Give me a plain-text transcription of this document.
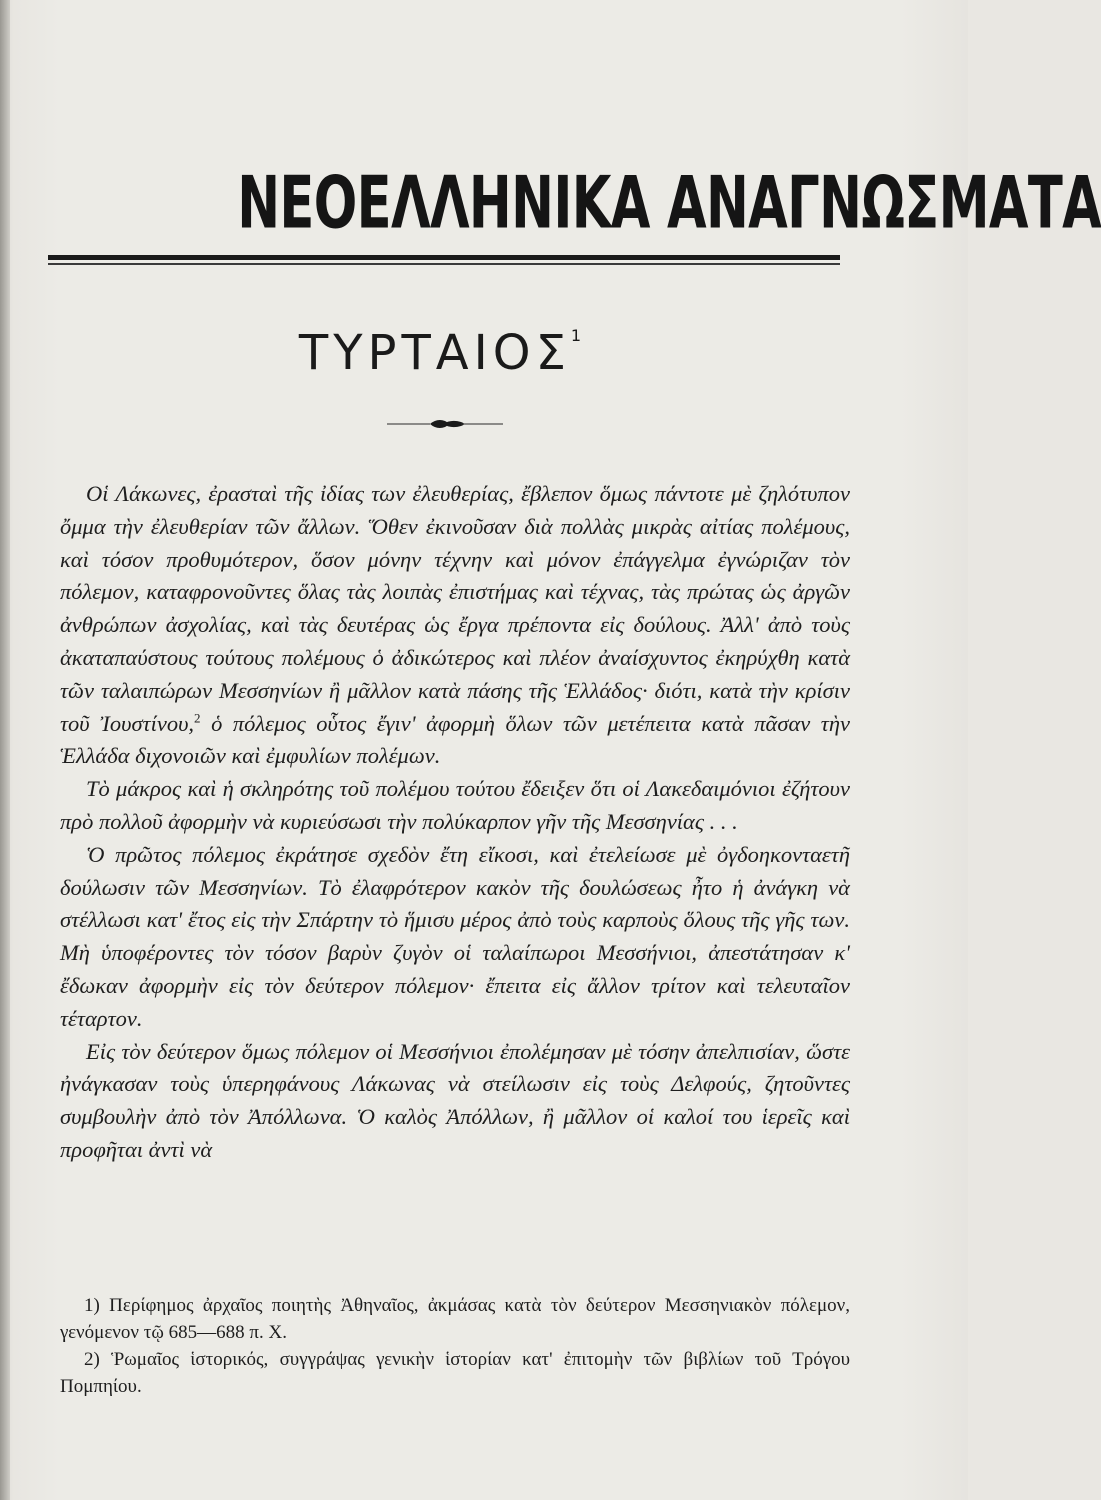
ΝΕΟΕΛΛΗΝΙΚΑ ΑΝΑΓΝΩΣΜΑΤΑ
ΤΥΡΤΑΙΟΣ$^1$

Οἱ Λάκωνες, ἐρασταὶ τῆς ἰδίας των ἐλευθερίας, ἔβλεπον ὅμως πάντοτε μὲ ζηλότυπον ὄμμα τὴν ἐλευθερίαν τῶν ἄλλων. Ὅθεν ἐκινοῦσαν διὰ πολλὰς μικρὰς αἰτίας πολέμους, καὶ τόσον προθυμότερον, ὅσον μόνην τέχνην καὶ μόνον ἐπάγγελμα ἐγνώριζαν τὸν πόλεμον, καταφρονοῦντες ὅλας τὰς λοιπὰς ἐπιστήμας καὶ τέχνας, τὰς πρώτας ὡς ἀργῶν ἀνθρώπων ἀσχολίας, καὶ τὰς δευτέρας ὡς ἔργα πρέποντα εἰς δούλους. Ἀλλ' ἀπὸ τοὺς ἀκαταπαύστους τούτους πολέμους ὁ ἀδικώτερος καὶ πλέον ἀναίσχυντος ἐκηρύχθη κατὰ τῶν ταλαιπώρων Μεσσηνίων ἢ μᾶλλον κατὰ πάσης τῆς Ἑλλάδος· διότι, κατὰ τὴν κρίσιν τοῦ Ἰουστίνου,$^2$ ὁ πόλεμος οὗτος ἔγιν' ἀφορμὴ ὅλων τῶν μετέπειτα κατὰ πᾶσαν τὴν Ἑλλάδα διχονοιῶν καὶ ἐμφυλίων πολέμων.

Τὸ μάκρος καὶ ἡ σκληρότης τοῦ πολέμου τούτου ἔδειξεν ὅτι οἱ Λακεδαιμόνιοι ἐζήτουν πρὸ πολλοῦ ἀφορμὴν νὰ κυριεύσωσι τὴν πολύκαρπον γῆν τῆς Μεσσηνίας . . .

Ὁ πρῶτος πόλεμος ἐκράτησε σχεδὸν ἔτη εἴκοσι, καὶ ἐτελείωσε μὲ ὀγδοηκονταετῆ δούλωσιν τῶν Μεσσηνίων. Τὸ ἐλαφρότερον κακὸν τῆς δουλώσεως ἦτο ἡ ἀνάγκη νὰ στέλλωσι κατ' ἔτος εἰς τὴν Σπάρτην τὸ ἥμισυ μέρος ἀπὸ τοὺς καρποὺς ὅλους τῆς γῆς των. Μὴ ὑποφέροντες τὸν τόσον βαρὺν ζυγὸν οἱ ταλαίπωροι Μεσσήνιοι, ἀπεστάτησαν κ' ἔδωκαν ἀφορμὴν εἰς τὸν δεύτερον πόλεμον· ἔπειτα εἰς ἄλλον τρίτον καὶ τελευταῖον τέταρτον.

Εἰς τὸν δεύτερον ὅμως πόλεμον οἱ Μεσσήνιοι ἐπολέμησαν μὲ τόσην ἀπελπισίαν, ὥστε ἠνάγκασαν τοὺς ὑπερηφάνους Λάκωνας νὰ στείλωσιν εἰς τοὺς Δελφούς, ζητοῦντες συμβουλὴν ἀπὸ τὸν Ἀπόλλωνα. Ὁ καλὸς Ἀπόλλων, ἢ μᾶλλον οἱ καλοί του ἱερεῖς καὶ προφῆται ἀντὶ νὰ

1) Περίφημος ἀρχαῖος ποιητὴς Ἀθηναῖος, ἀκμάσας κατὰ τὸν δεύτερον Μεσσηνιακὸν πόλεμον, γενόμενον τῷ 685—688 π. Χ.

2) Ῥωμαῖος ἱστορικός, συγγράψας γενικὴν ἱστορίαν κατ' ἐπιτομὴν τῶν βιβλίων τοῦ Τρόγου Πομπηίου.
